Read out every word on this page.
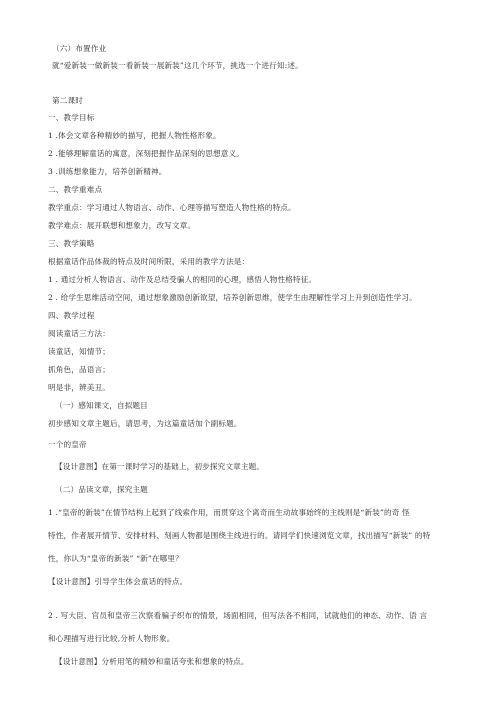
（六）布置作业
就“爱新装一做新装一看新装一展新装”这几个环节，挑选一个进行知:述。
第二课时
一、教学目标
1 .体会文章各种精妙的描写，把握人物性格形象。
2 .能够理解童话的寓意，深刻把握作品深刻的思想意义。
3 .训练想象能力，培养创新精神。
二、教学重难点
教学重点：学习通过人物语言、动作、心理等描写塑造人物性格的特点。
教学难点：展开联想和想象力，改写文章。
三、教学策略
根据童话作品体裁的特点及时间所限，采用的教学方法是：
1 . 通过分析人物语言、动作及总结受骗人的相同的心理，感悟人物性格特征。
2 . 给学生思维活动空间，通过想象激励创新欲望，培养创新思维，使学生由理解性学习上升到创造性学习。
四、教学过程
阅读童话三方法：
读童话，知情节；
抓角色，品语言；
明是非，辨美丑。
（一）感知课文，自拟题目
初步感知文章主题后，请思考，为这篇童话加个副标题。
一个的皇帝
【设计意图】在第一课时学习的基础上，初步探究文章主题。
（二）品读文章，探究主题
1 .“皇帝的新装”在情节结构上起到了线索作用，而贯穿这个离奇而生动故事始终的主线则是“新装”的奇 怪
特性，作者展开情节、安排材料、刻画人物都是围绕主线进行的。请同学们快速浏览文章，找出描写“新装” 的特
性，你认为“皇帝的新装” “新”在哪里？
【设计意图】引导学生体会童话的特点。
2 . 写大臣、官员和皇帝三次察看骗子织布的情景，场面相同，但写法各不相同，试就他们的神态、动作、语 言
和心理描写进行比较,分析人物形象。
【设计意图】分析用笔的精妙和童话夸张和想象的特点。
